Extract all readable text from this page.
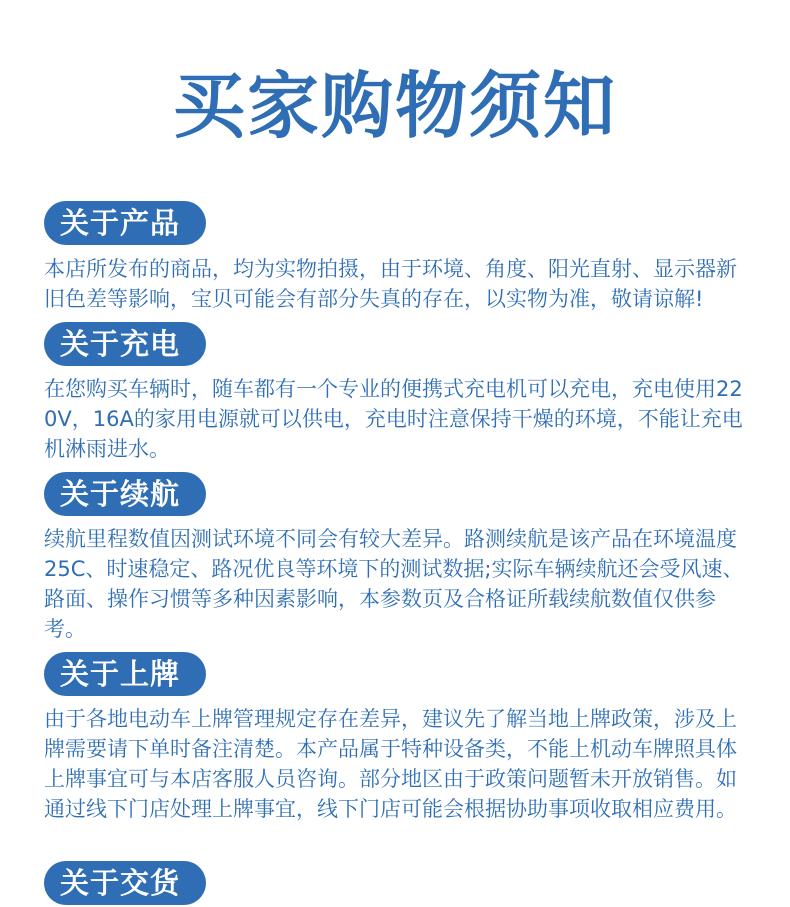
买家购物须知
关于产品

本店所发布的商品，均为实物拍摄，由于环境、角度、阳光直射、显示器新旧色差等影响，宝贝可能会有部分失真的存在，以实物为准，敬请谅解!

关于充电

在您购买车辆时，随车都有一个专业的便携式充电机可以充电，充电使用220V，16A的家用电源就可以供电，充电时注意保持干燥的环境，不能让充电机淋雨进水。

关于续航

续航里程数值因测试环境不同会有较大差异。路测续航是该产品在环境温度25C、时速稳定、路况优良等环境下的测试数据;实际车辆续航还会受风速、路面、操作习惯等多种因素影响，本参数页及合格证所载续航数值仅供参考。

关于上牌

由于各地电动车上牌管理规定存在差异，建议先了解当地上牌政策，涉及上牌需要请下单时备注清楚。本产品属于特种设备类，不能上机动车牌照具体上牌事宜可与本店客服人员咨询。部分地区由于政策问题暂未开放销售。如通过线下门店处理上牌事宜，线下门店可能会根据协助事项收取相应费用。

关于交货
